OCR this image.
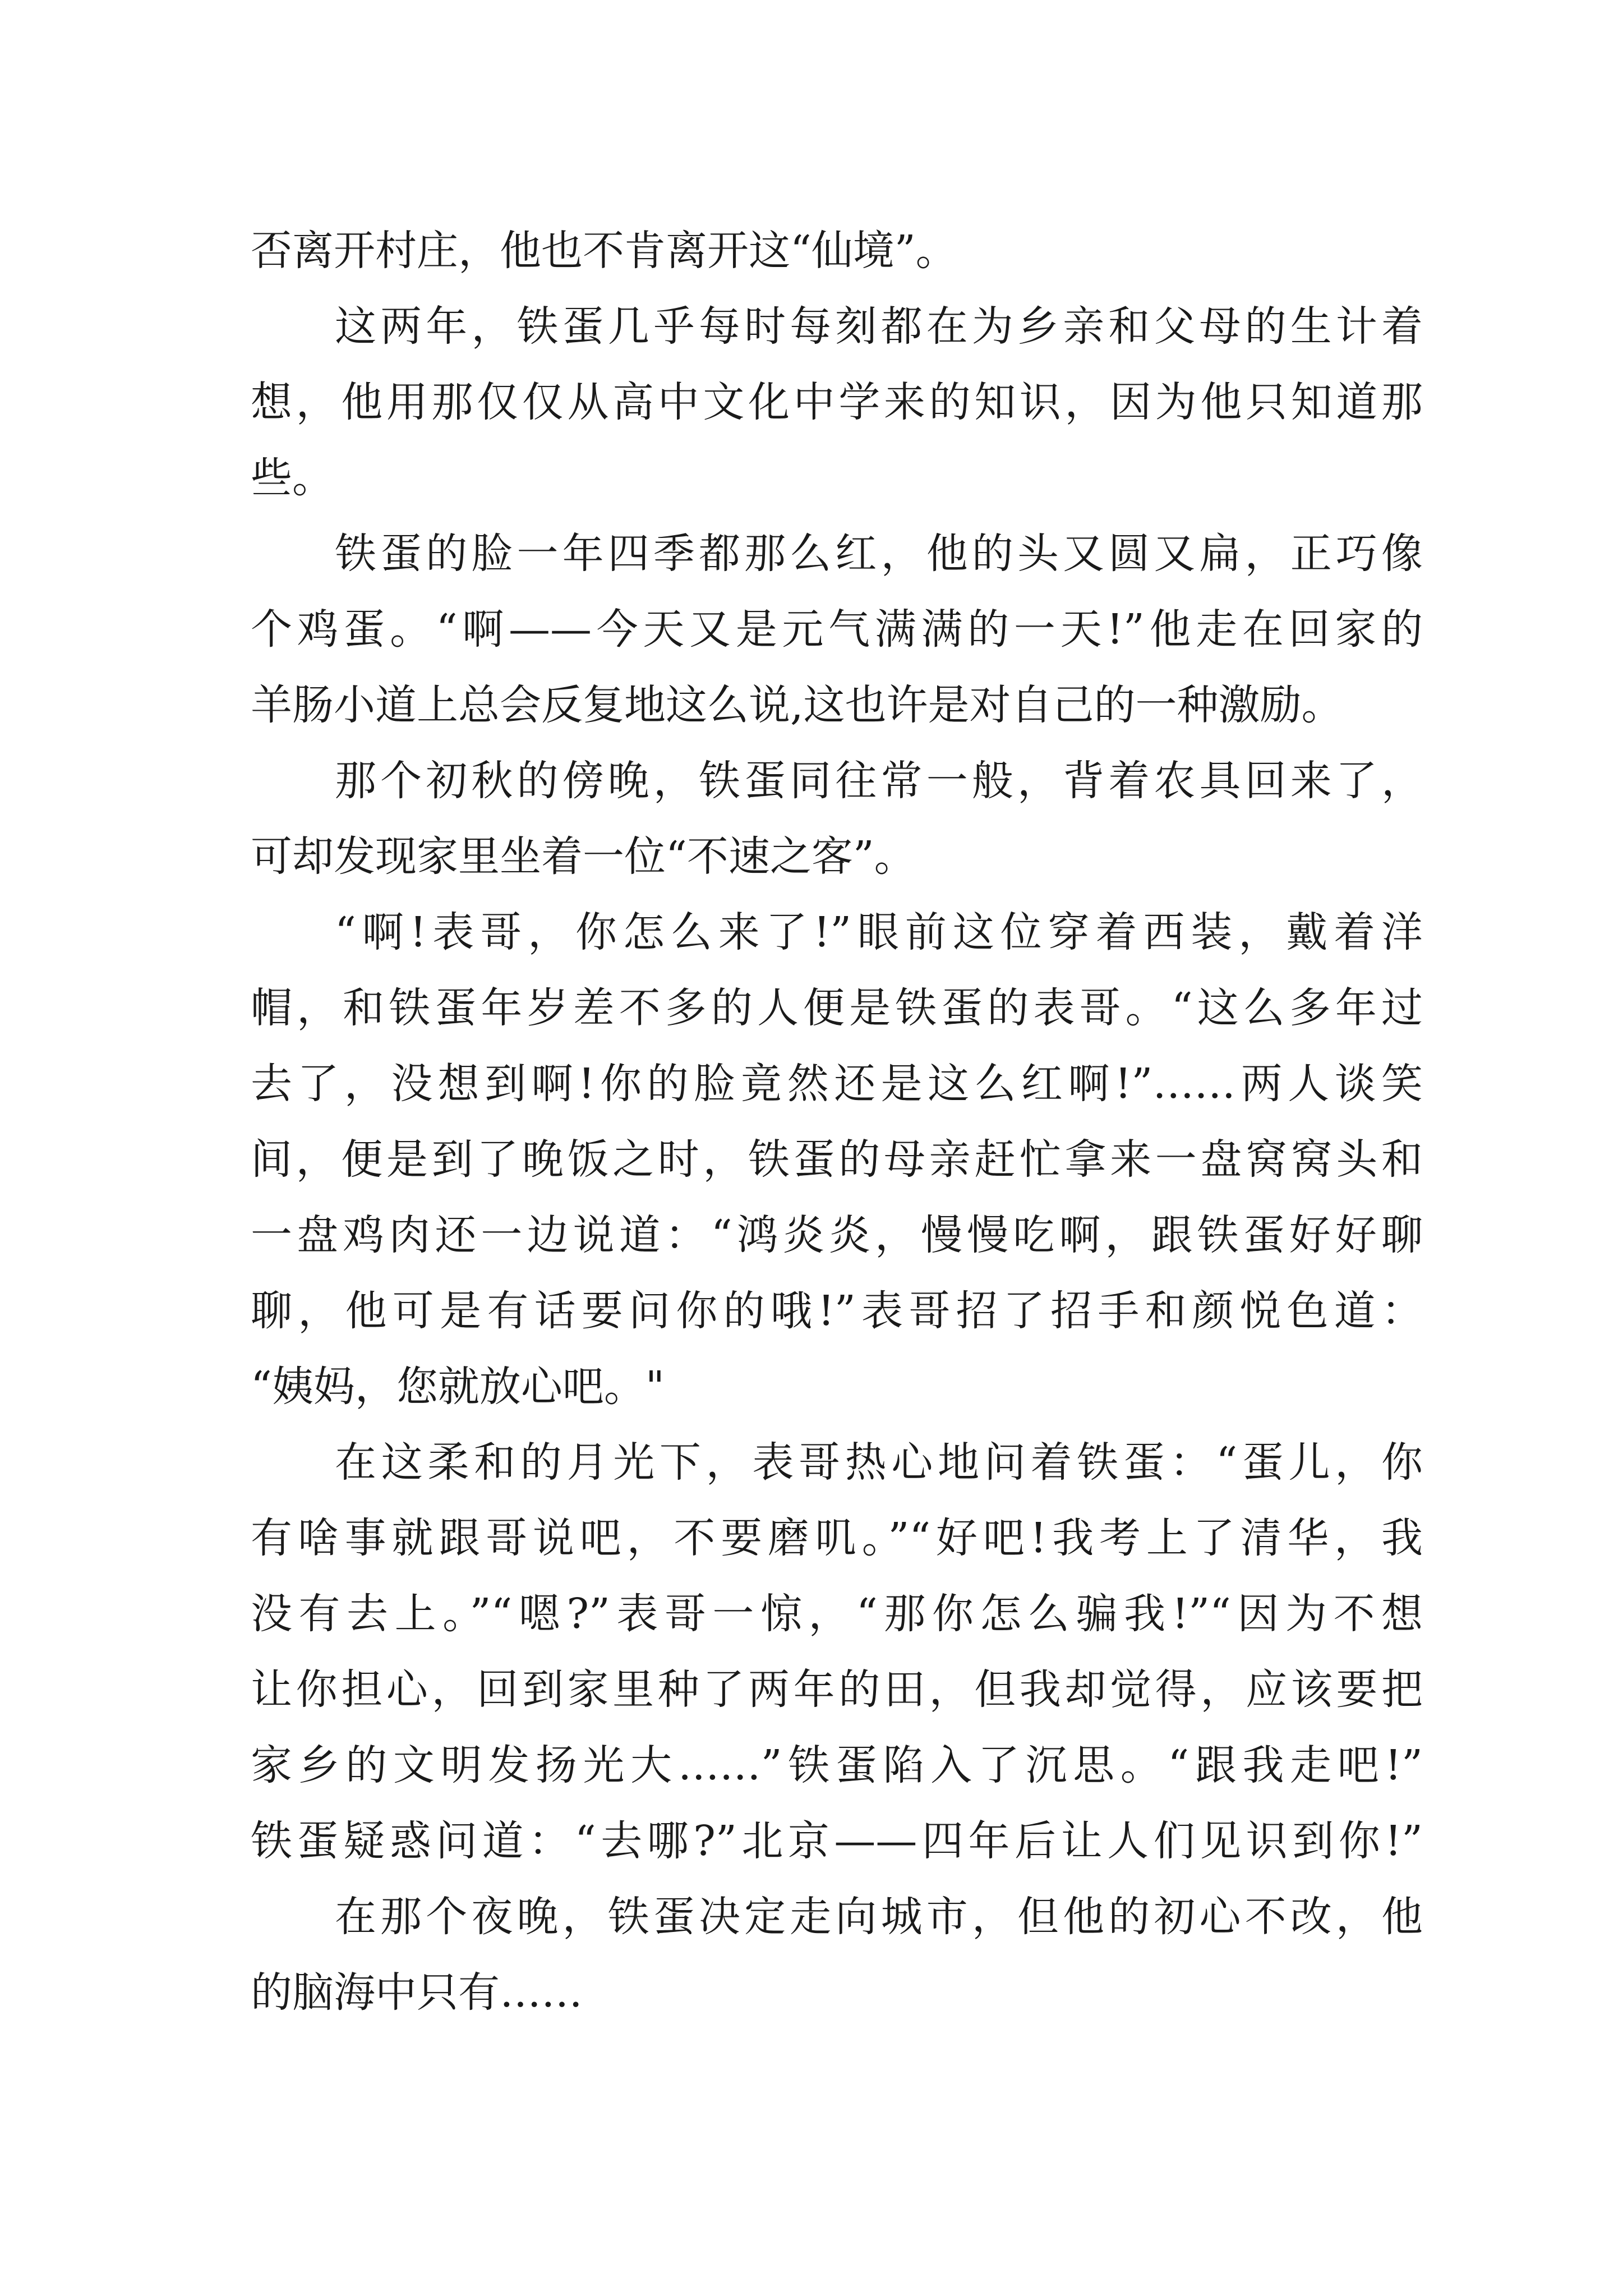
否离开村庄，他也不肯离开这“仙境”。
这两年，铁蛋几乎每时每刻都在为乡亲和父母的生计着
想，他用那仅仅从高中文化中学来的知识，因为他只知道那
些。
铁蛋的脸一年四季都那么红，他的头又圆又扁，正巧像
个鸡蛋。“啊——今天又是元气满满的一天!”他走在回家的
羊肠小道上总会反复地这么说,这也许是对自己的一种激励。
那个初秋的傍晚，铁蛋同往常一般，背着农具回来了，
可却发现家里坐着一位“不速之客”。
“啊!表哥，你怎么来了!”眼前这位穿着西装，戴着洋
帽，和铁蛋年岁差不多的人便是铁蛋的表哥。“这么多年过
去了，没想到啊!你的脸竟然还是这么红啊!”……两人谈笑
间，便是到了晚饭之时，铁蛋的母亲赶忙拿来一盘窝窝头和
一盘鸡肉还一边说道：“鸿炎炎，慢慢吃啊，跟铁蛋好好聊
聊，他可是有话要问你的哦!”表哥招了招手和颜悦色道：
“姨妈，您就放心吧。"
在这柔和的月光下，表哥热心地问着铁蛋：“蛋儿，你
有啥事就跟哥说吧，不要磨叽。”“好吧!我考上了清华，我
没有去上。”“嗯?”表哥一惊，“那你怎么骗我!”“因为不想
让你担心，回到家里种了两年的田，但我却觉得，应该要把
家乡的文明发扬光大……”铁蛋陷入了沉思。“跟我走吧!”
铁蛋疑惑问道：“去哪?”北京——四年后让人们见识到你!”
在那个夜晚，铁蛋决定走向城市，但他的初心不改，他
的脑海中只有……
